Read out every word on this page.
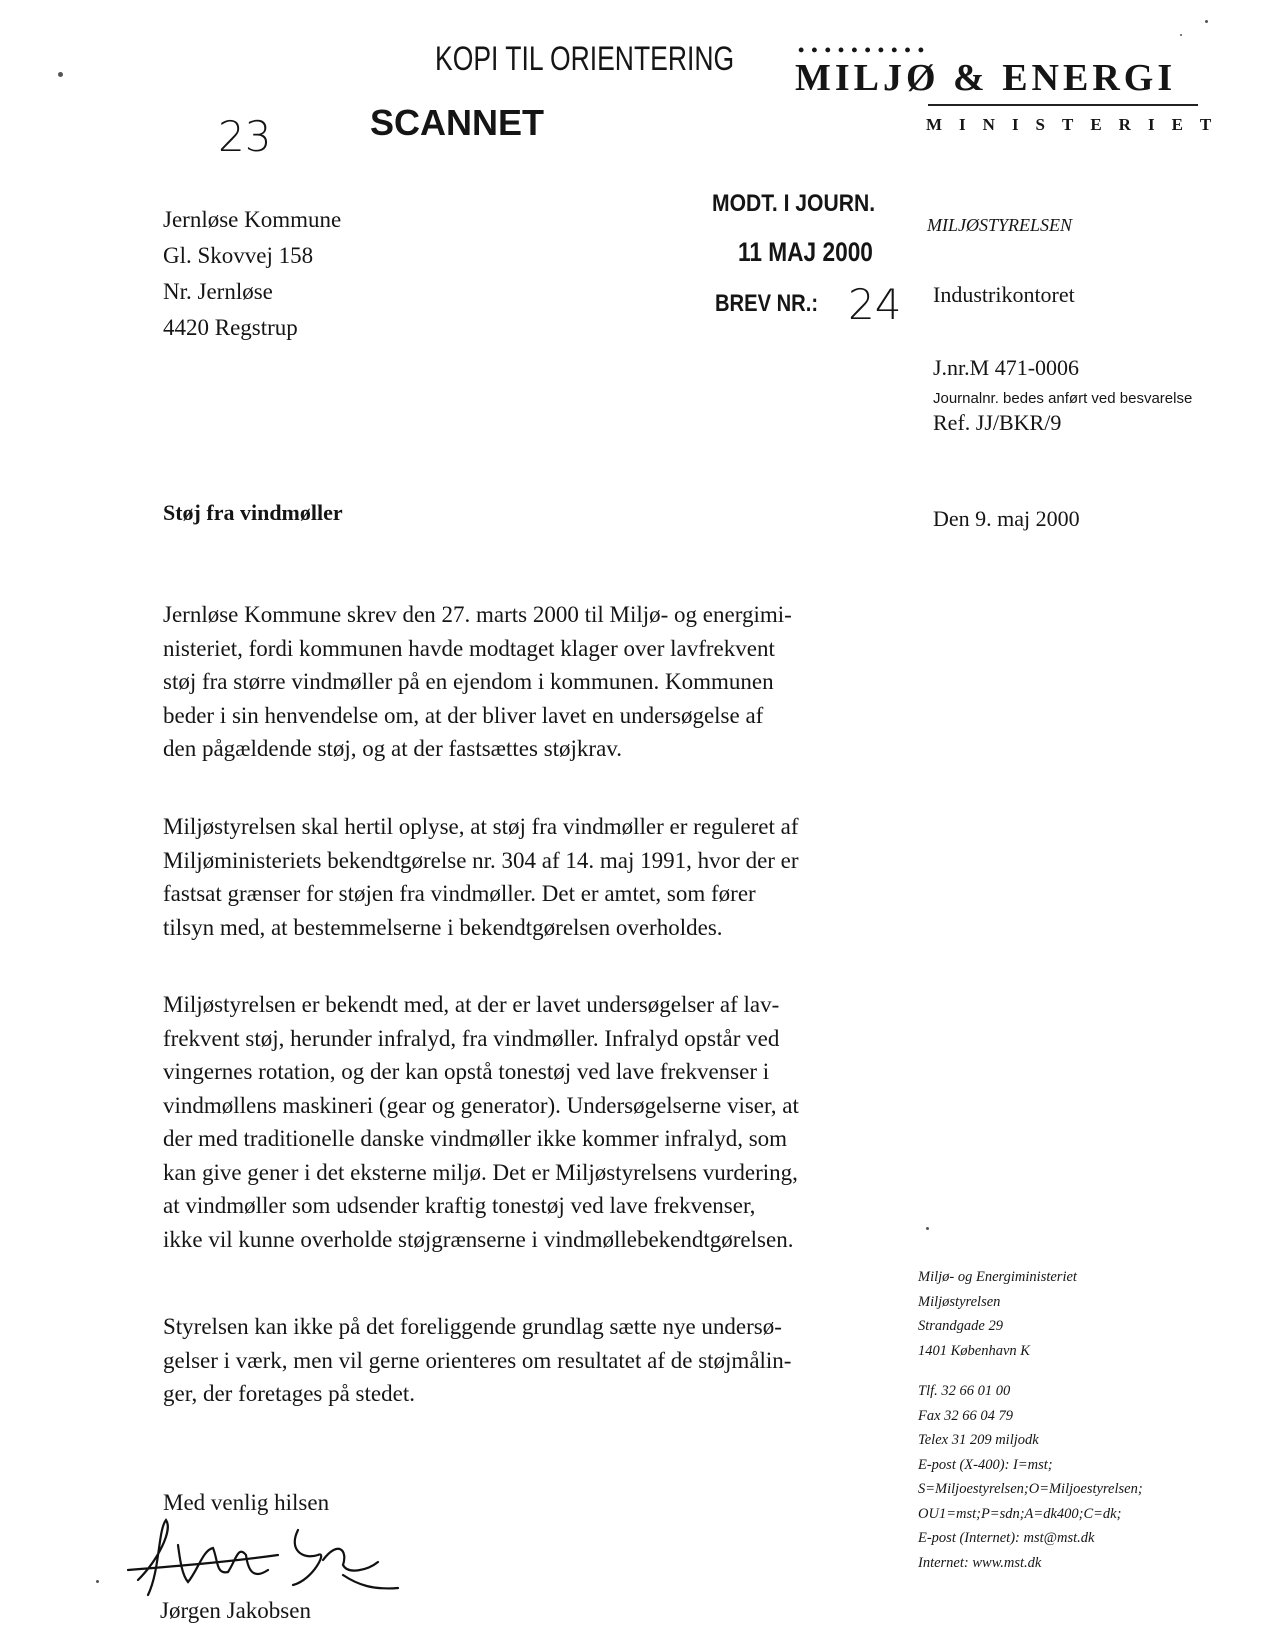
KOPI TIL ORIENTERING
SCANNET
23
••••••••••
MILJØ & ENERGI
MINISTERIET
Jernløse Kommune
Gl. Skovvej 158
Nr. Jernløse
4420 Regstrup
MODT. I JOURN.
11 MAJ 2000
BREV NR.: 24
MILJØSTYRELSEN
Industrikontoret
J.nr.M 471-0006
Journalnr. bedes anført ved besvarelse
Ref. JJ/BKR/9
Støj fra vindmøller	Den 9. maj 2000
Jernløse Kommune skrev den 27. marts 2000 til Miljø- og energimi-
nisteriet, fordi kommunen havde modtaget klager over lavfrekvent
støj fra større vindmøller på en ejendom i kommunen. Kommunen
beder i sin henvendelse om, at der bliver lavet en undersøgelse af
den pågældende støj, og at der fastsættes støjkrav.
Miljøstyrelsen skal hertil oplyse, at støj fra vindmøller er reguleret af
Miljøministeriets bekendtgørelse nr. 304 af 14. maj 1991, hvor der er
fastsat grænser for støjen fra vindmøller. Det er amtet, som fører
tilsyn med, at bestemmelserne i bekendtgørelsen overholdes.
Miljøstyrelsen er bekendt med, at der er lavet undersøgelser af lav-
frekvent støj, herunder infralyd, fra vindmøller. Infralyd opstår ved
vingernes rotation, og der kan opstå tonestøj ved lave frekvenser i
vindmøllens maskineri (gear og generator). Undersøgelserne viser, at
der med traditionelle danske vindmøller ikke kommer infralyd, som
kan give gener i det eksterne miljø. Det er Miljøstyrelsens vurdering,
at vindmøller som udsender kraftig tonestøj ved lave frekvenser,
ikke vil kunne overholde støjgrænserne i vindmøllebekendtgørelsen.
Styrelsen kan ikke på det foreliggende grundlag sætte nye undersø-
gelser i værk, men vil gerne orienteres om resultatet af de støjmålin-
ger, der foretages på stedet.
Med venlig hilsen
Jørgen Jakobsen
Miljø- og Energiministeriet
Miljøstyrelsen
Strandgade 29
1401 København K
Tlf. 32 66 01 00
Fax 32 66 04 79
Telex 31 209 miljodk
E-post (X-400): I=mst;
S=Miljoestyrelsen;O=Miljoestyrelsen;
OU1=mst;P=sdn;A=dk400;C=dk;
E-post (Internet): mst@mst.dk
Internet: www.mst.dk
